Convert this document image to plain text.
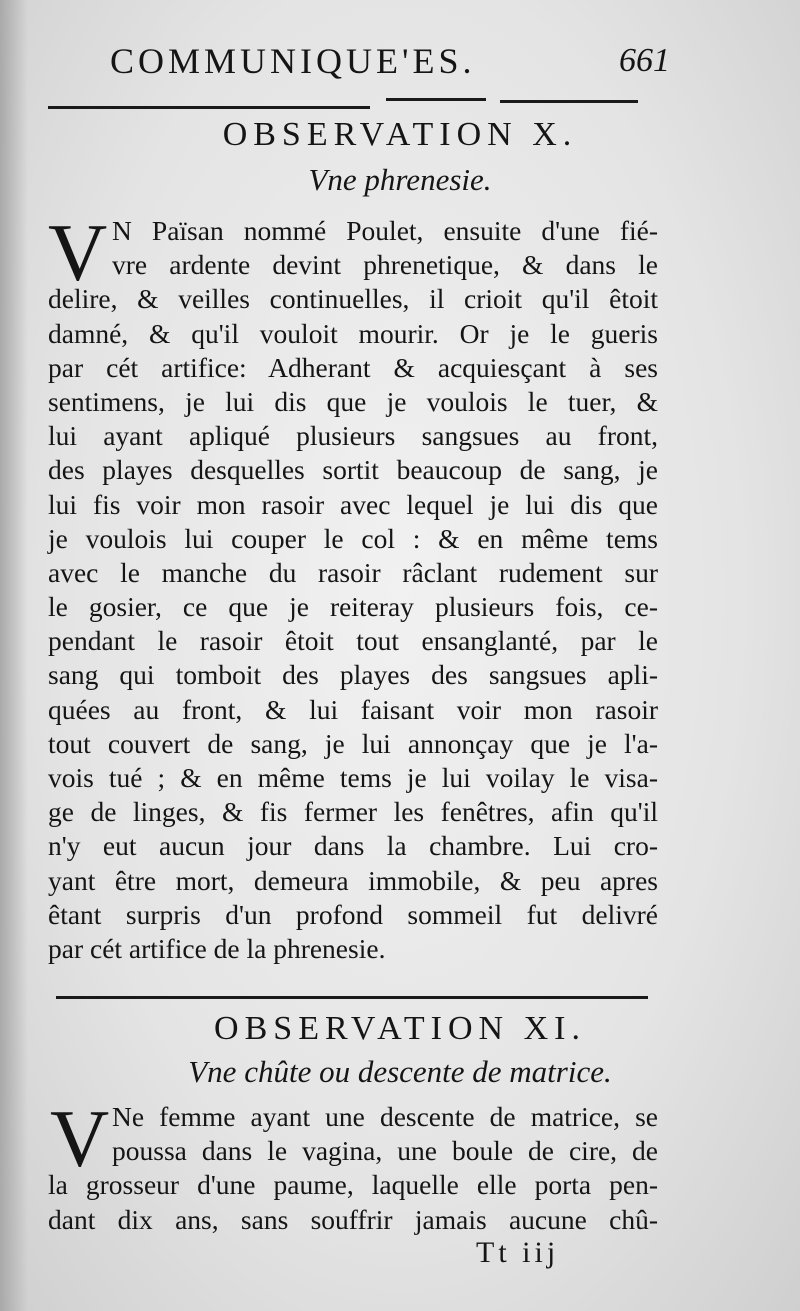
COMMUNIQUE'ES.	661
OBSERVATION X.
Vne phrenesie.
V N Païsan nommé Poulet, ensuite d'une fié-
vre ardente devint phrenetique, & dans le
delire, & veilles continuelles, il crioit qu'il êtoit
damné, & qu'il vouloit mourir. Or je le gueris
par cét artifice: Adherant & acquiesçant à ses
sentimens, je lui dis que je voulois le tuer, &
lui ayant apliqué plusieurs sangsues au front,
des playes desquelles sortit beaucoup de sang, je
lui fis voir mon rasoir avec lequel je lui dis que
je voulois lui couper le col : & en même tems
avec le manche du rasoir râclant rudement sur
le gosier, ce que je reiteray plusieurs fois, ce-
pendant le rasoir êtoit tout ensanglanté, par le
sang qui tomboit des playes des sangsues apli-
quées au front, & lui faisant voir mon rasoir
tout couvert de sang, je lui annonçay que je l'a-
vois tué ; & en même tems je lui voilay le visa-
ge de linges, & fis fermer les fenêtres, afin qu'il
n'y eut aucun jour dans la chambre. Lui cro-
yant être mort, demeura immobile, & peu apres
êtant surpris d'un profond sommeil fut delivré
par cét artifice de la phrenesie.
OBSERVATION XI.
Vne chûte ou descente de matrice.
V Ne femme ayant une descente de matrice, se
poussa dans le vagina, une boule de cire, de
la grosseur d'une paume, laquelle elle porta pen-
dant dix ans, sans souffrir jamais aucune chû-
Tt iij
